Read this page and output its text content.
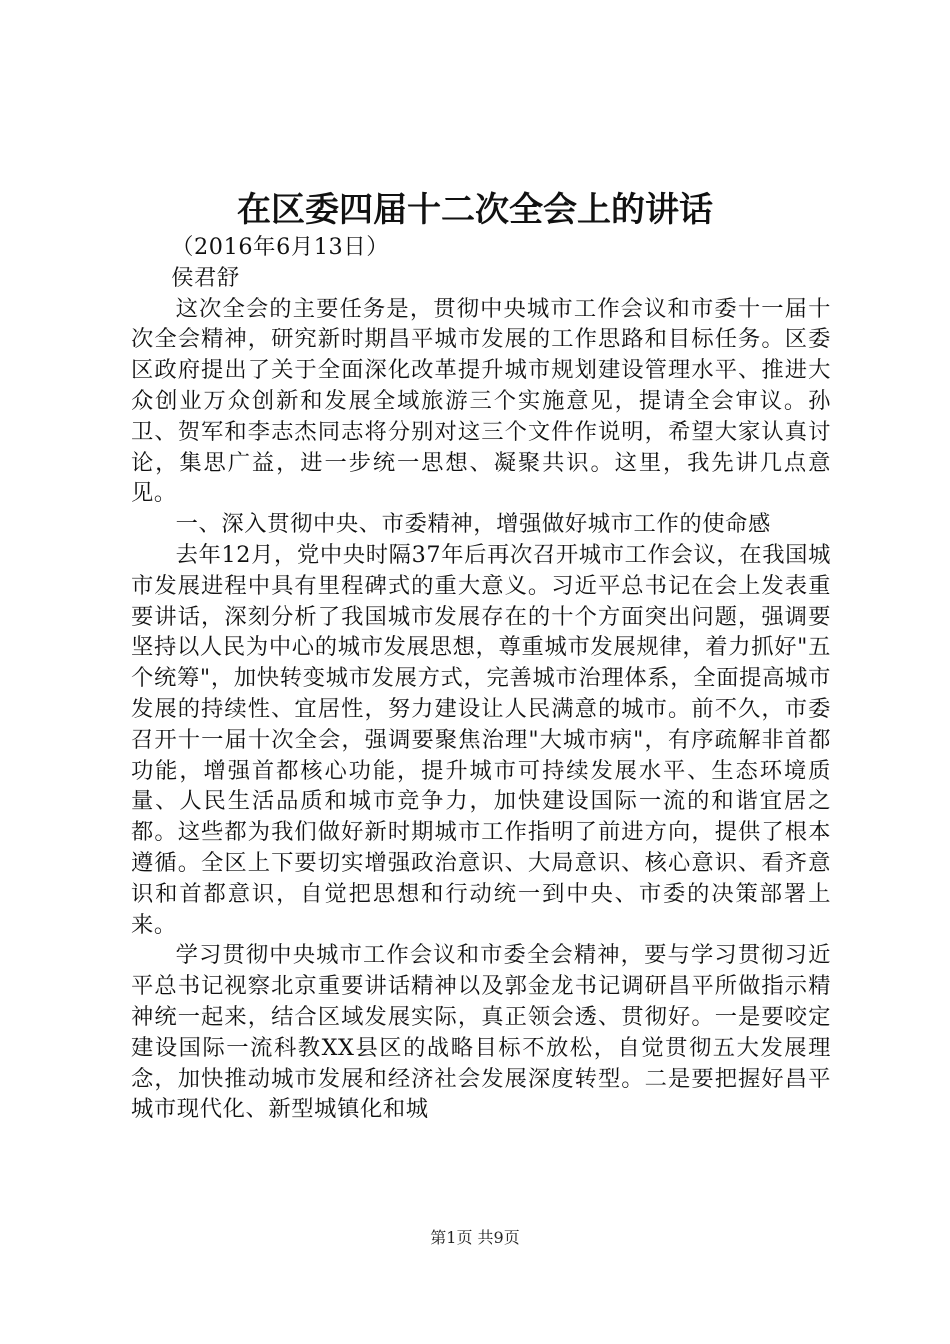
在区委四届十二次全会上的讲话

（2016年6月13日）

侯君舒

这次全会的主要任务是，贯彻中央城市工作会议和市委十一届十次全会精神，研究新时期昌平城市发展的工作思路和目标任务。区委区政府提出了关于全面深化改革提升城市规划建设管理水平、推进大众创业万众创新和发展全域旅游三个实施意见，提请全会审议。孙卫、贺军和李志杰同志将分别对这三个文件作说明，希望大家认真讨论，集思广益，进一步统一思想、凝聚共识。这里，我先讲几点意见。

一、深入贯彻中央、市委精神，增强做好城市工作的使命感

去年12月，党中央时隔37年后再次召开城市工作会议，在我国城市发展进程中具有里程碑式的重大意义。习近平总书记在会上发表重要讲话，深刻分析了我国城市发展存在的十个方面突出问题，强调要坚持以人民为中心的城市发展思想，尊重城市发展规律，着力抓好"五个统筹"，加快转变城市发展方式，完善城市治理体系，全面提高城市发展的持续性、宜居性，努力建设让人民满意的城市。前不久，市委召开十一届十次全会，强调要聚焦治理"大城市病"，有序疏解非首都功能，增强首都核心功能，提升城市可持续发展水平、生态环境质量、人民生活品质和城市竞争力，加快建设国际一流的和谐宜居之都。这些都为我们做好新时期城市工作指明了前进方向，提供了根本遵循。全区上下要切实增强政治意识、大局意识、核心意识、看齐意识和首都意识，自觉把思想和行动统一到中央、市委的决策部署上来。

学习贯彻中央城市工作会议和市委全会精神，要与学习贯彻习近平总书记视察北京重要讲话精神以及郭金龙书记调研昌平所做指示精神统一起来，结合区域发展实际，真正领会透、贯彻好。一是要咬定建设国际一流科教XX县区的战略目标不放松，自觉贯彻五大发展理念，加快推动城市发展和经济社会发展深度转型。二是要把握好昌平城市现代化、新型城镇化和城

第1页 共9页
